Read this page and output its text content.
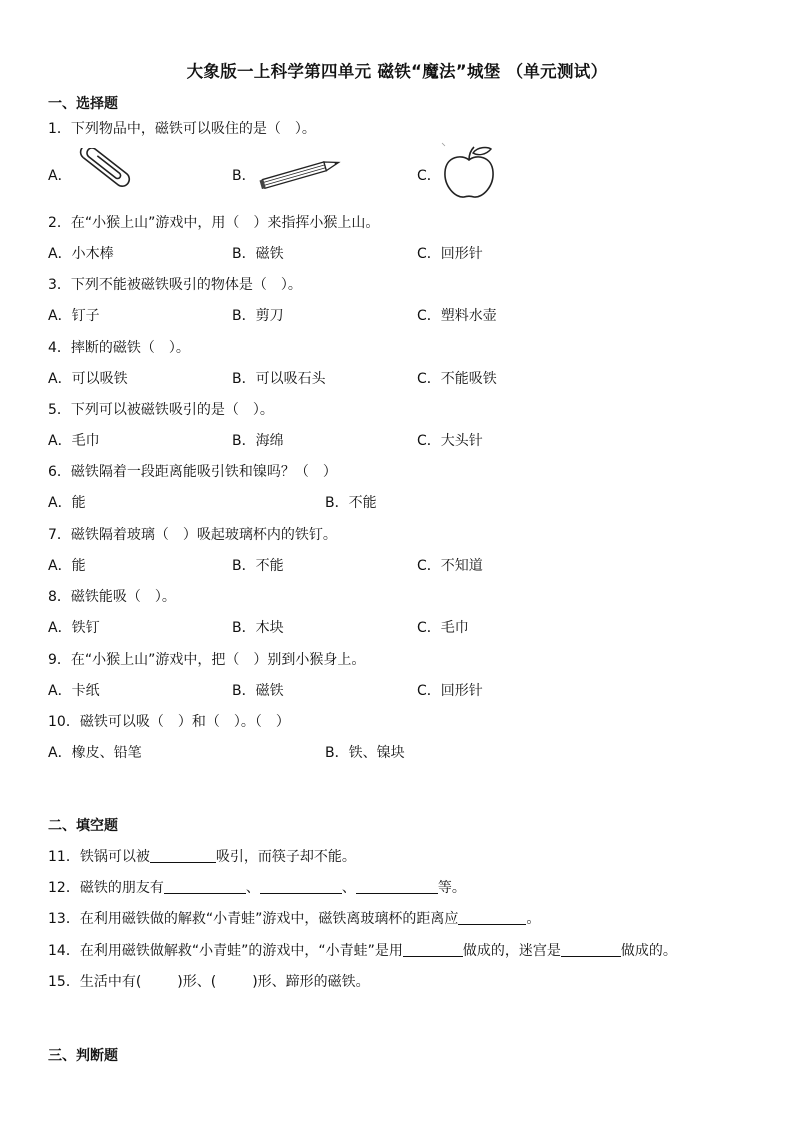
大象版一上科学第四单元 磁铁“魔法”城堡 （单元测试）
一、选择题
1．下列物品中，磁铁可以吸住的是（　）。
A．	B．	C．
2．在“小猴上山”游戏中，用（　）来指挥小猴上山。
A．小木棒	B．磁铁	C．回形针
3．下列不能被磁铁吸引的物体是（　）。
A．钉子	B．剪刀	C．塑料水壶
4．摔断的磁铁（　）。
A．可以吸铁	B．可以吸石头	C．不能吸铁
5．下列可以被磁铁吸引的是（　）。
A．毛巾	B．海绵	C．大头针
6．磁铁隔着一段距离能吸引铁和镍吗？（　）
A．能	B．不能
7．磁铁隔着玻璃（　）吸起玻璃杯内的铁钉。
A．能	B．不能	C．不知道
8．磁铁能吸（　）。
A．铁钉	B．木块	C．毛巾
9．在“小猴上山”游戏中，把（　）别到小猴身上。
A．卡纸	B．磁铁	C．回形针
10．磁铁可以吸（　）和（　）。（　）
A．橡皮、铅笔	B．铁、镍块
二、填空题
11．铁锅可以被	吸引，而筷子却不能。
12．磁铁的朋友有	、	、	等。
13．在利用磁铁做的解救“小青蛙”游戏中，磁铁离玻璃杯的距离应	。
14．在利用磁铁做解救“小青蛙”的游戏中，“小青蛙”是用	做成的，迷宫是	做成的。
15．生活中有(	)形、(	)形、蹄形的磁铁。
三、判断题
